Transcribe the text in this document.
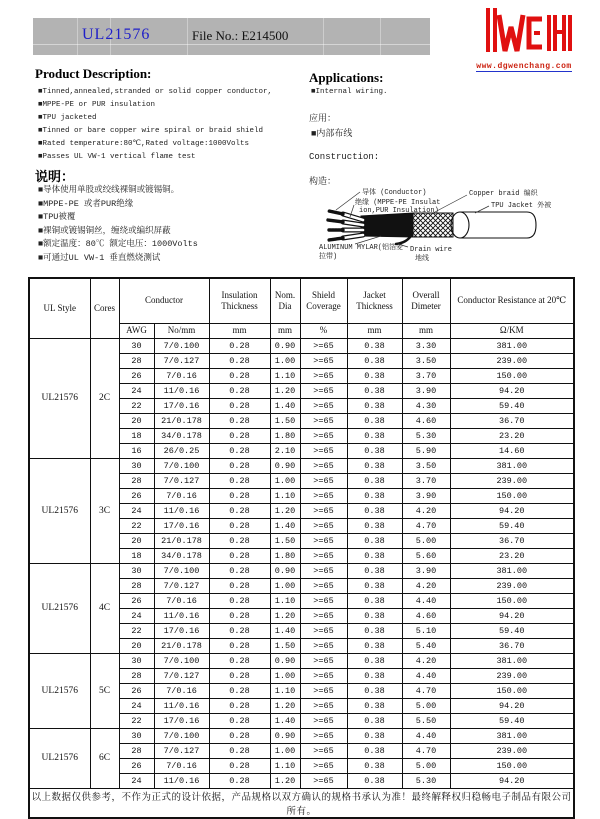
UL21576	File No.: E214500
www.dgwenchang.com
Product Description:
■Tinned,annealed,stranded or solid copper conductor,
■MPPE-PE or PUR insulation
■TPU jacketed
■Tinned or bare copper wire spiral or braid shield
■Rated temperature:80℃,Rated voltage:1000Volts
■Passes UL VW-1 vertical flame test
说明：
■导体使用单股或绞线裸铜或镀锡铜。
■MPPE-PE 或者PUR绝缘
■TPU被覆
■裸铜或镀锡铜丝，缠绕或编织屏蔽
■额定温度：80℃ 额定电压：1000Volts
■可通过UL VW-1 垂直燃烧测试
Applications:
■Internal wiring.
应用：
■内部布线
Construction:
构造：
导体 (Conductor)
绝缘 (MPPE-PE Insulat
ion,PUR Insulation)
Copper braid 编织
TPU Jacket 外被
ALUMINUM MYLAR(铝箔麦
拉带)
Drain wire
地线
UL Style	Cores	Conductor		Insulation Thickness	Nom. Dia	Shield Coverage	Jacket Thickness	Overall Dimeter	Conductor Resistance at 20℃
		AWG	No/mm	mm	mm	%	mm	mm	Ω/KM
UL21576	2C	30	7/0.100	0.28	0.90	>=65	0.38	3.30	381.00
		28	7/0.127	0.28	1.00	>=65	0.38	3.50	239.00
		26	7/0.16	0.28	1.10	>=65	0.38	3.70	150.00
		24	11/0.16	0.28	1.20	>=65	0.38	3.90	94.20
		22	17/0.16	0.28	1.40	>=65	0.38	4.30	59.40
		20	21/0.178	0.28	1.50	>=65	0.38	4.60	36.70
		18	34/0.178	0.28	1.80	>=65	0.38	5.30	23.20
		16	26/0.25	0.28	2.10	>=65	0.38	5.90	14.60
UL21576	3C	30	7/0.100	0.28	0.90	>=65	0.38	3.50	381.00
		28	7/0.127	0.28	1.00	>=65	0.38	3.70	239.00
		26	7/0.16	0.28	1.10	>=65	0.38	3.90	150.00
		24	11/0.16	0.28	1.20	>=65	0.38	4.20	94.20
		22	17/0.16	0.28	1.40	>=65	0.38	4.70	59.40
		20	21/0.178	0.28	1.50	>=65	0.38	5.00	36.70
		18	34/0.178	0.28	1.80	>=65	0.38	5.60	23.20
UL21576	4C	30	7/0.100	0.28	0.90	>=65	0.38	3.90	381.00
		28	7/0.127	0.28	1.00	>=65	0.38	4.20	239.00
		26	7/0.16	0.28	1.10	>=65	0.38	4.40	150.00
		24	11/0.16	0.28	1.20	>=65	0.38	4.60	94.20
		22	17/0.16	0.28	1.40	>=65	0.38	5.10	59.40
		20	21/0.178	0.28	1.50	>=65	0.38	5.40	36.70
UL21576	5C	30	7/0.100	0.28	0.90	>=65	0.38	4.20	381.00
		28	7/0.127	0.28	1.00	>=65	0.38	4.40	239.00
		26	7/0.16	0.28	1.10	>=65	0.38	4.70	150.00
		24	11/0.16	0.28	1.20	>=65	0.38	5.00	94.20
		22	17/0.16	0.28	1.40	>=65	0.38	5.50	59.40
UL21576	6C	30	7/0.100	0.28	0.90	>=65	0.38	4.40	381.00
		28	7/0.127	0.28	1.00	>=65	0.38	4.70	239.00
		26	7/0.16	0.28	1.10	>=65	0.38	5.00	150.00
		24	11/0.16	0.28	1.20	>=65	0.38	5.30	94.20
以上数据仅供参考，不作为正式的设计依据，产品规格以双方确认的规格书承认为准！最终解释权归稳畅电子制品有限公司所有。									
